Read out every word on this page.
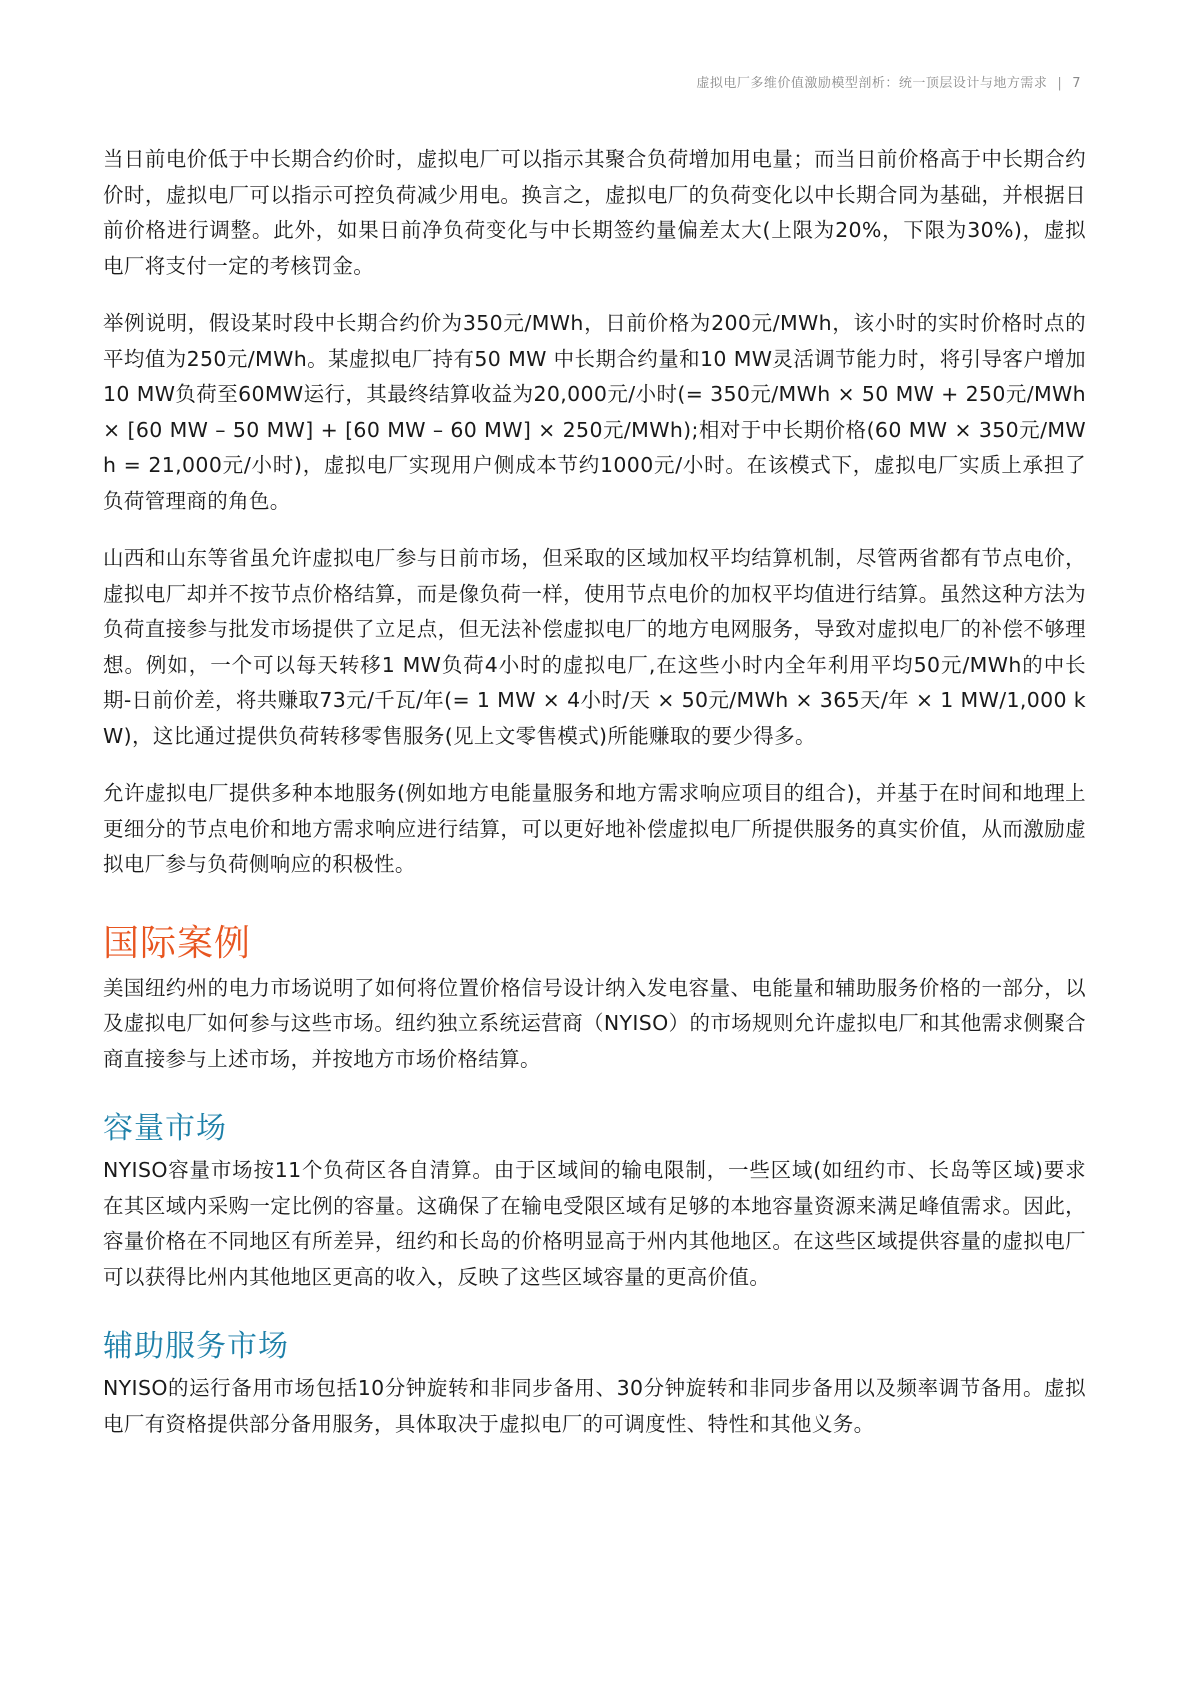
虚拟电厂多维价值激励模型剖析：统一顶层设计与地方需求 | 7

当日前电价低于中长期合约价时，虚拟电厂可以指示其聚合负荷增加用电量；而当日前价格高于中长期合约价时，虚拟电厂可以指示可控负荷减少用电。换言之，虚拟电厂的负荷变化以中长期合同为基础，并根据日前价格进行调整。此外，如果日前净负荷变化与中长期签约量偏差太大(上限为20%，下限为30%)，虚拟电厂将支付一定的考核罚金。

举例说明，假设某时段中长期合约价为350元/MWh，日前价格为200元/MWh，该小时的实时价格时点的平均值为250元/MWh。某虚拟电厂持有50 MW 中长期合约量和10 MW灵活调节能力时，将引导客户增加10 MW负荷至60MW运行，其最终结算收益为20,000元/小时(= 350元/MWh × 50 MW + 250元/MWh × [60 MW – 50 MW] + [60 MW – 60 MW] × 250元/MWh);相对于中长期价格(60 MW × 350元/MWh = 21,000元/小时)，虚拟电厂实现用户侧成本节约1000元/小时。在该模式下，虚拟电厂实质上承担了负荷管理商的角色。

山西和山东等省虽允许虚拟电厂参与日前市场，但采取的区域加权平均结算机制，尽管两省都有节点电价，虚拟电厂却并不按节点价格结算，而是像负荷一样，使用节点电价的加权平均值进行结算。虽然这种方法为负荷直接参与批发市场提供了立足点，但无法补偿虚拟电厂的地方电网服务，导致对虚拟电厂的补偿不够理想。例如，一个可以每天转移1 MW负荷4小时的虚拟电厂,在这些小时内全年利用平均50元/MWh的中长期-日前价差，将共赚取73元/千瓦/年(= 1 MW × 4小时/天 × 50元/MWh × 365天/年 × 1 MW/1,000 kW)，这比通过提供负荷转移零售服务(见上文零售模式)所能赚取的要少得多。

允许虚拟电厂提供多种本地服务(例如地方电能量服务和地方需求响应项目的组合)，并基于在时间和地理上更细分的节点电价和地方需求响应进行结算，可以更好地补偿虚拟电厂所提供服务的真实价值，从而激励虚拟电厂参与负荷侧响应的积极性。

国际案例

美国纽约州的电力市场说明了如何将位置价格信号设计纳入发电容量、电能量和辅助服务价格的一部分，以及虚拟电厂如何参与这些市场。纽约独立系统运营商（NYISO）的市场规则允许虚拟电厂和其他需求侧聚合商直接参与上述市场，并按地方市场价格结算。

容量市场

NYISO容量市场按11个负荷区各自清算。由于区域间的输电限制，一些区域(如纽约市、长岛等区域)要求在其区域内采购一定比例的容量。这确保了在输电受限区域有足够的本地容量资源来满足峰值需求。因此，容量价格在不同地区有所差异，纽约和长岛的价格明显高于州内其他地区。在这些区域提供容量的虚拟电厂可以获得比州内其他地区更高的收入，反映了这些区域容量的更高价值。

辅助服务市场

NYISO的运行备用市场包括10分钟旋转和非同步备用、30分钟旋转和非同步备用以及频率调节备用。虚拟电厂有资格提供部分备用服务，具体取决于虚拟电厂的可调度性、特性和其他义务。
